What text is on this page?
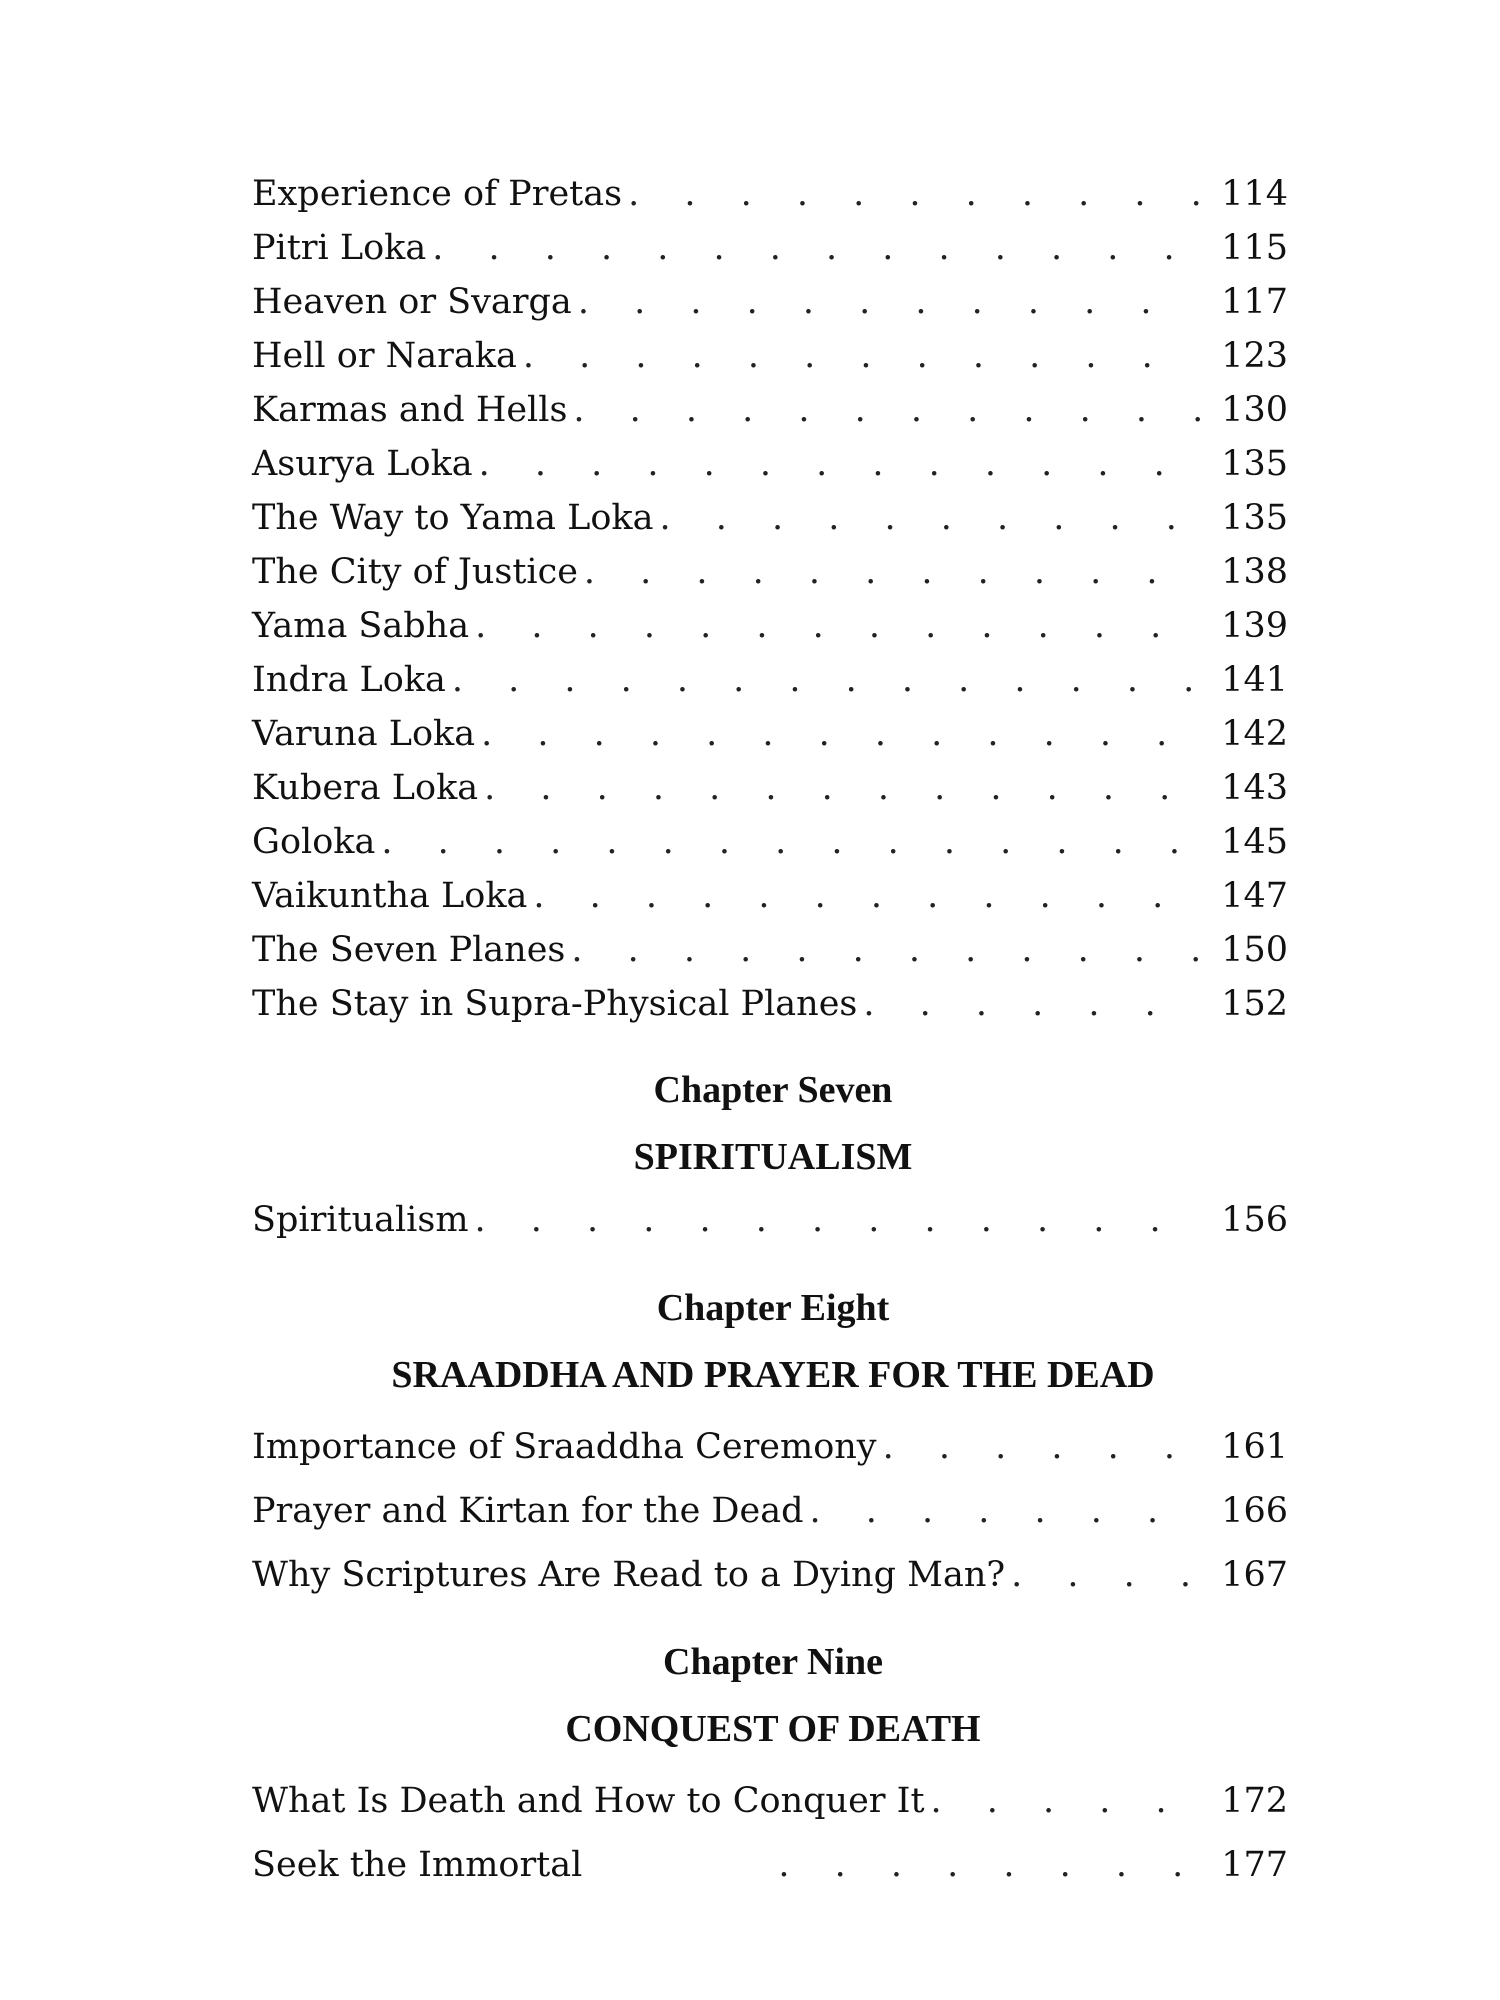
Experience of Pretas . . .	114
Pitri Loka . . .	115
Heaven or Svarga . . .	117
Hell or Naraka . . .	123
Karmas and Hells . . .	130
Asurya Loka . . .	135
The Way to Yama Loka . . .	135
The City of Justice . . .	138
Yama Sabha . . .	139
Indra Loka . . .	141
Varuna Loka . . .	142
Kubera Loka . . .	143
Goloka . . .	145
Vaikuntha Loka . . .	147
The Seven Planes . . .	150
The Stay in Supra-Physical Planes . . .	152
Chapter Seven
SPIRITUALISM
Spiritualism . . .	156
Chapter Eight
SRAADDHA AND PRAYER FOR THE DEAD
Importance of Sraaddha Ceremony . . .	161
Prayer and Kirtan for the Dead . . .	166
Why Scriptures Are Read to a Dying Man? . . .	167
Chapter Nine
CONQUEST OF DEATH
What Is Death and How to Conquer It . . .	172
Seek the Immortal . . .	177
